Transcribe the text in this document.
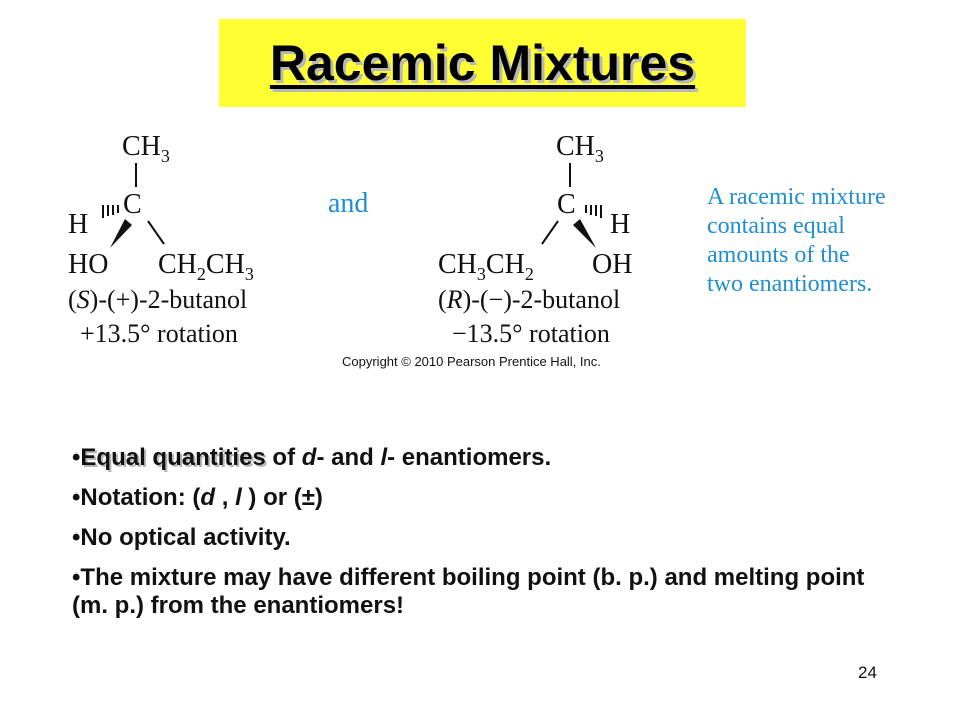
Racemic Mixtures
$CH_3$
C
H
HO $CH_2CH_3$
(S)-(+)-2-butanol
+13.5° rotation
and
$CH_3$
C
H
$CH_3CH_2$ OH
(R)-(−)-2-butanol
−13.5° rotation
A racemic mixture
contains equal
amounts of the
two enantiomers.
Copyright © 2010 Pearson Prentice Hall, Inc.
•Equal quantities of d- and l- enantiomers.
•Notation: (d , l ) or (±)
•No optical activity.
•The mixture may have different boiling point (b. p.) and melting point (m. p.) from the enantiomers!
24
